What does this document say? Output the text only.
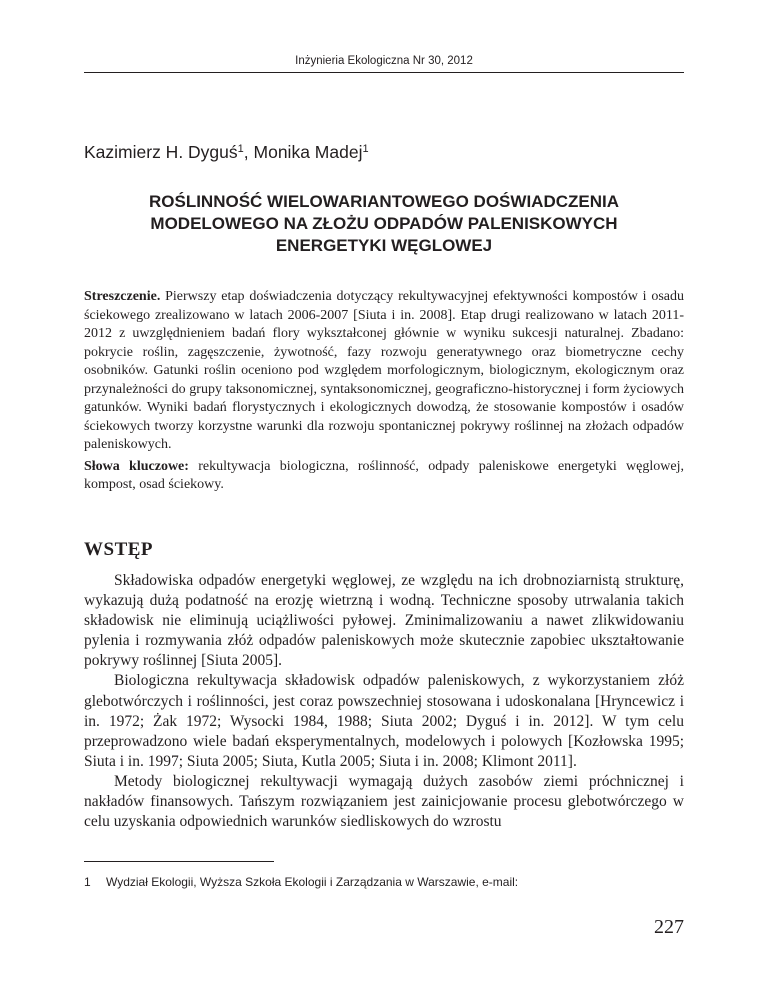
Inżynieria Ekologiczna Nr 30, 2012
Kazimierz H. Dyguś$^1$, Monika Madej$^1$
ROŚLINNOŚĆ WIELOWARIANTOWEGO DOŚWIADCZENIA
MODELOWEGO NA ZŁOŻU ODPADÓW PALENISKOWYCH
ENERGETYKI WĘGLOWEJ

Streszczenie. Pierwszy etap doświadczenia dotyczący rekultywacyjnej efektywności kompostów i osadu ściekowego zrealizowano w latach 2006-2007 [Siuta i in. 2008]. Etap drugi realizowano w latach 2011-2012 z uwzględnieniem badań flory wykształconej głównie w wyniku sukcesji naturalnej. Zbadano: pokrycie roślin, zagęszczenie, żywotność, fazy rozwoju generatywnego oraz biometryczne cechy osobników. Gatunki roślin oceniono pod względem morfologicznym, biologicznym, ekologicznym oraz przynależności do grupy taksonomicznej, syntaksonomicznej, geograficzno-historycznej i form życiowych gatunków. Wyniki badań florystycznych i ekologicznych dowodzą, że stosowanie kompostów i osadów ściekowych tworzy korzystne warunki dla rozwoju spontanicznej pokrywy roślinnej na złożach odpadów paleniskowych.

Słowa kluczowe: rekultywacja biologiczna, roślinność, odpady paleniskowe energetyki węglowej, kompost, osad ściekowy.

WSTĘP

Składowiska odpadów energetyki węglowej, ze względu na ich drobnoziarnistą strukturę, wykazują dużą podatność na erozję wietrzną i wodną. Techniczne sposoby utrwalania takich składowisk nie eliminują uciążliwości pyłowej. Zminimalizowaniu a nawet zlikwidowaniu pylenia i rozmywania złóż odpadów paleniskowych może skutecznie zapobiec ukształtowanie pokrywy roślinnej [Siuta 2005].

Biologiczna rekultywacja składowisk odpadów paleniskowych, z wykorzystaniem złóż glebotwórczych i roślinności, jest coraz powszechniej stosowana i udoskonalana [Hryncewicz i in. 1972; Żak 1972; Wysocki 1984, 1988; Siuta 2002; Dyguś i in. 2012]. W tym celu przeprowadzono wiele badań eksperymentalnych, modelowych i polowych [Kozłowska 1995; Siuta i in. 1997; Siuta 2005; Siuta, Kutla 2005; Siuta i in. 2008; Klimont 2011].

Metody biologicznej rekultywacji wymagają dużych zasobów ziemi próchnicznej i nakładów finansowych. Tańszym rozwiązaniem jest zainicjowanie procesu glebotwórczego w celu uzyskania odpowiednich warunków siedliskowych do wzrostu

1 Wydział Ekologii, Wyższa Szkoła Ekologii i Zarządzania w Warszawie, e-mail:
227
